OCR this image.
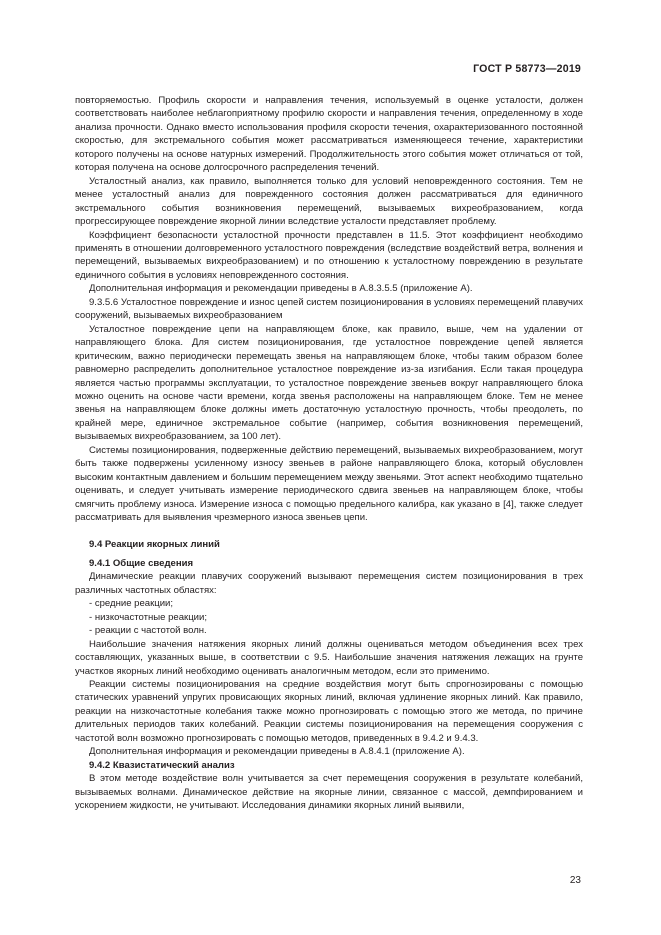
ГОСТ Р 58773—2019

повторяемостью. Профиль скорости и направления течения, используемый в оценке усталости, должен соответствовать наиболее неблагоприятному профилю скорости и направления течения, определенному в ходе анализа прочности. Однако вместо использования профиля скорости течения, охарактеризованного постоянной скоростью, для экстремального события может рассматриваться изменяющееся течение, характеристики которого получены на основе натурных измерений. Продолжительность этого события может отличаться от той, которая получена на основе долгосрочного распределения течений.

Усталостный анализ, как правило, выполняется только для условий неповрежденного состояния. Тем не менее усталостный анализ для поврежденного состояния должен рассматриваться для единичного экстремального события возникновения перемещений, вызываемых вихреобразованием, когда прогрессирующее повреждение якорной линии вследствие усталости представляет проблему.

Коэффициент безопасности усталостной прочности представлен в 11.5. Этот коэффициент необходимо применять в отношении долговременного усталостного повреждения (вследствие воздействий ветра, волнения и перемещений, вызываемых вихреобразованием) и по отношению к усталостному повреждению в результате единичного события в условиях неповрежденного состояния.

Дополнительная информация и рекомендации приведены в А.8.3.5.5 (приложение А).

9.3.5.6 Усталостное повреждение и износ цепей систем позиционирования в условиях перемещений плавучих сооружений, вызываемых вихреобразованием

Усталостное повреждение цепи на направляющем блоке, как правило, выше, чем на удалении от направляющего блока. Для систем позиционирования, где усталостное повреждение цепей является критическим, важно периодически перемещать звенья на направляющем блоке, чтобы таким образом более равномерно распределить дополнительное усталостное повреждение из-за изгибания. Если такая процедура является частью программы эксплуатации, то усталостное повреждение звеньев вокруг направляющего блока можно оценить на основе части времени, когда звенья расположены на направляющем блоке. Тем не менее звенья на направляющем блоке должны иметь достаточную усталостную прочность, чтобы преодолеть, по крайней мере, единичное экстремальное событие (например, события возникновения перемещений, вызываемых вихреобразованием, за 100 лет).

Системы позиционирования, подверженные действию перемещений, вызываемых вихреобразованием, могут быть также подвержены усиленному износу звеньев в районе направляющего блока, который обусловлен высоким контактным давлением и большим перемещением между звеньями. Этот аспект необходимо тщательно оценивать, и следует учитывать измерение периодического сдвига звеньев на направляющем блоке, чтобы смягчить проблему износа. Измерение износа с помощью предельного калибра, как указано в [4], также следует рассматривать для выявления чрезмерного износа звеньев цепи.

9.4 Реакции якорных линий

9.4.1 Общие сведения

Динамические реакции плавучих сооружений вызывают перемещения систем позиционирования в трех различных частотных областях:

- средние реакции;

- низкочастотные реакции;

- реакции с частотой волн.

Наибольшие значения натяжения якорных линий должны оцениваться методом объединения всех трех составляющих, указанных выше, в соответствии с 9.5. Наибольшие значения натяжения лежащих на грунте участков якорных линий необходимо оценивать аналогичным методом, если это применимо.

Реакции системы позиционирования на средние воздействия могут быть спрогнозированы с помощью статических уравнений упругих провисающих якорных линий, включая удлинение якорных линий. Как правило, реакции на низкочастотные колебания также можно прогнозировать с помощью этого же метода, по причине длительных периодов таких колебаний. Реакции системы позиционирования на перемещения сооружения с частотой волн возможно прогнозировать с помощью методов, приведенных в 9.4.2 и 9.4.3.

Дополнительная информация и рекомендации приведены в А.8.4.1 (приложение А).

9.4.2 Квазистатический анализ

В этом методе воздействие волн учитывается за счет перемещения сооружения в результате колебаний, вызываемых волнами. Динамическое действие на якорные линии, связанное с массой, демпфированием и ускорением жидкости, не учитывают. Исследования динамики якорных линий выявили,

23
